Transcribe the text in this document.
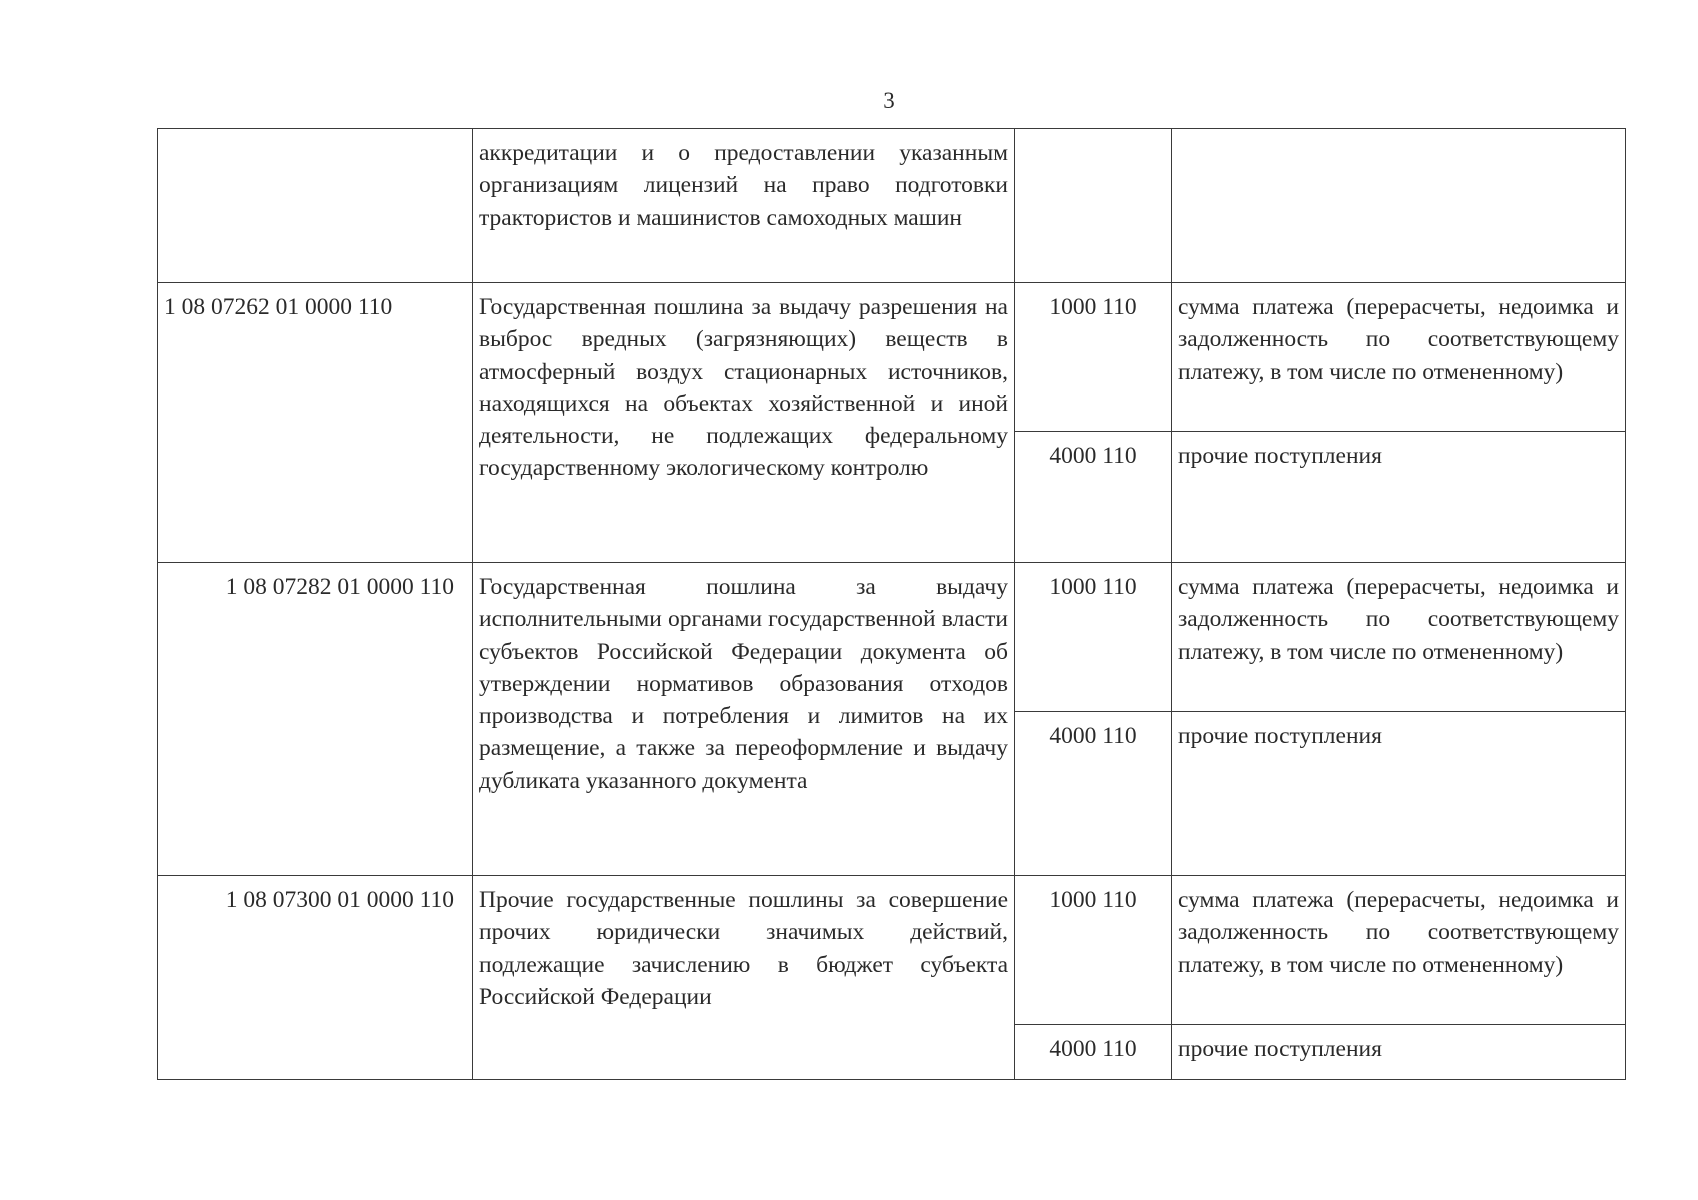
3
	аккредитации и о предоставлении указанным организациям лицензий на право подготовки трактористов и машинистов самоходных машин		
1 08 07262 01 0000 110	Государственная пошлина за выдачу разрешения на выброс вредных (загрязняющих) веществ в атмосферный воздух стационарных источников, находящихся на объектах хозяйственной и иной деятельности, не подлежащих федеральному государственному экологическому контролю	1000 110	сумма платежа (перерасчеты, недоимка и задолженность по соответствующему платежу, в том числе по отмененному)
		4000 110	прочие поступления
1 08 07282 01 0000 110	Государственная пошлина за выдачу исполнительными органами государственной власти субъектов Российской Федерации документа об утверждении нормативов образования отходов производства и потребления и лимитов на их размещение, а также за переоформление и выдачу дубликата указанного документа	1000 110	сумма платежа (перерасчеты, недоимка и задолженность по соответствующему платежу, в том числе по отмененному)
		4000 110	прочие поступления
1 08 07300 01 0000 110	Прочие государственные пошлины за совершение прочих юридически значимых действий, подлежащие зачислению в бюджет субъекта Российской Федерации	1000 110	сумма платежа (перерасчеты, недоимка и задолженность по соответствующему платежу, в том числе по отмененному)
		4000 110	прочие поступления
